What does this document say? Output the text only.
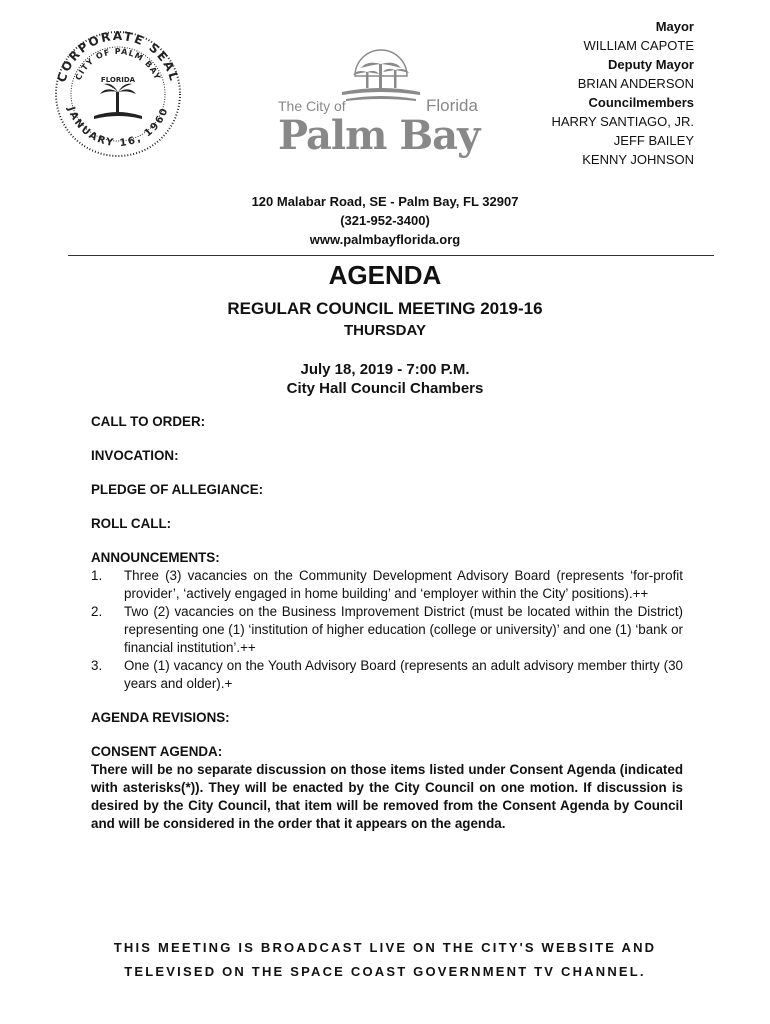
CORPORATE SEAL
CITY OF PALM BAY
JANUARY 16, 1960
FLORIDA
The City of	Florida
Palm Bay
Mayor
WILLIAM CAPOTE
Deputy Mayor
BRIAN ANDERSON
Councilmembers
HARRY SANTIAGO, JR.
JEFF BAILEY
KENNY JOHNSON
120 Malabar Road, SE - Palm Bay, FL 32907
(321-952-3400)
www.palmbayflorida.org
AGENDA
REGULAR COUNCIL MEETING 2019-16
THURSDAY
July 18, 2019 - 7:00 P.M.
City Hall Council Chambers

CALL TO ORDER:

INVOCATION:

PLEDGE OF ALLEGIANCE:

ROLL CALL:

ANNOUNCEMENTS:

1. Three (3) vacancies on the Community Development Advisory Board (represents ‘for-profit provider’, ‘actively engaged in home building’ and ‘employer within the City’ positions).++
2. Two (2) vacancies on the Business Improvement District (must be located within the District) representing one (1) ‘institution of higher education (college or university)’ and one (1) ‘bank or financial institution’.++
3. One (1) vacancy on the Youth Advisory Board (represents an adult advisory member thirty (30 years and older).+

AGENDA REVISIONS:

CONSENT AGENDA:

There will be no separate discussion on those items listed under Consent Agenda (indicated with asterisks(*)). They will be enacted by the City Council on one motion. If discussion is desired by the City Council, that item will be removed from the Consent Agenda by Council and will be considered in the order that it appears on the agenda.

THIS MEETING IS BROADCAST LIVE ON THE CITY'S WEBSITE AND
TELEVISED ON THE SPACE COAST GOVERNMENT TV CHANNEL.
